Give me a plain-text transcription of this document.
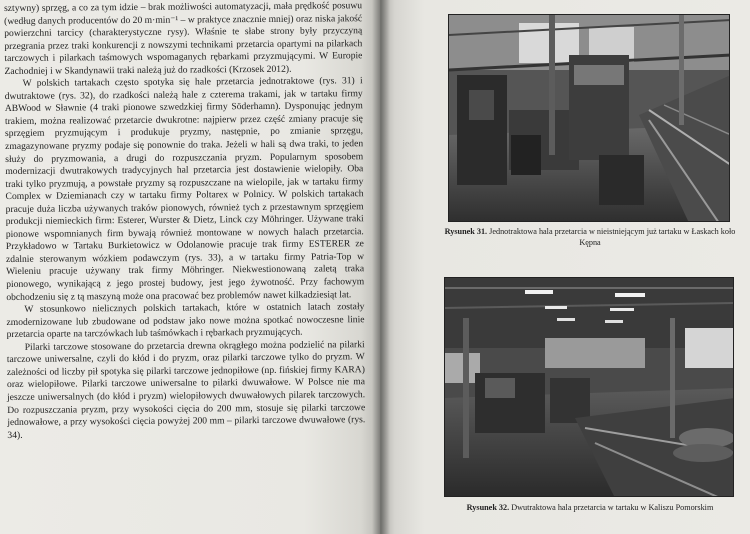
sztywny) sprzęg, a co za tym idzie – brak możliwości automatyzacji, mała prędkość posuwu (według danych producentów do 20 m·min⁻¹ – w praktyce znacznie mniej) oraz niska jakość powierzchni tarcicy (charakterystyczne rysy). Właśnie te słabe strony były przyczyną przegrania przez traki konkurencji z nowszymi technikami przetarcia opartymi na pilarkach tarczowych i pilarkach taśmowych wspomaganych rębarkami przyzmującymi. W Europie Zachodniej i w Skandynawii traki należą już do rzadkości (Krzosek 2012).

W polskich tartakach często spotyka się hale przetarcia jednotraktowe (rys. 31) i dwutraktowe (rys. 32), do rzadkości należą hale z czterema trakami, jak w tartaku firmy ABWood w Sławnie (4 traki pionowe szwedzkiej firmy Söderhamn). Dysponując jednym trakiem, można realizować przetarcie dwukrotne: najpierw przez część zmiany pracuje się sprzęgiem pryzmującym i produkuje pryzmy, następnie, po zmianie sprzęgu, zmagazynowane pryzmy podaje się ponownie do traka. Jeżeli w hali są dwa traki, to jeden służy do pryzmowania, a drugi do rozpuszczania pryzm. Popularnym sposobem modernizacji dwutrakowych tradycyjnych hal przetarcia jest dostawienie wielopiły. Oba traki tylko pryzmują, a powstałe pryzmy są rozpuszczane na wielopile, jak w tartaku firmy Complex w Dziemianach czy w tartaku firmy Poltarex w Polnicy. W polskich tartakach pracuje duża liczba używanych traków pionowych, również tych z przestawnym sprzęgiem produkcji niemieckich firm: Esterer, Wurster & Dietz, Linck czy Möhringer. Używane traki pionowe wspomnianych firm bywają również montowane w nowych halach przetarcia. Przykładowo w Tartaku Burkietowicz w Odolanowie pracuje trak firmy ESTERER ze zdalnie sterowanym wózkiem podawczym (rys. 33), a w tartaku firmy Patria-Top w Wieleniu pracuje używany trak firmy Möhringer. Niekwestionowaną zaletą traka pionowego, wynikającą z jego prostej budowy, jest jego żywotność. Przy fachowym obchodzeniu się z tą maszyną może ona pracować bez problemów nawet kilkadziesiąt lat.

W stosunkowo nielicznych polskich tartakach, które w ostatnich latach zostały zmodernizowane lub zbudowane od podstaw jako nowe można spotkać nowoczesne linie przetarcia oparte na tarczówkach lub taśmówkach i rębarkach pryzmujących.

Pilarki tarczowe stosowane do przetarcia drewna okrągłego można podzielić na pilarki tarczowe uniwersalne, czyli do kłód i do pryzm, oraz pilarki tarczowe tylko do pryzm. W zależności od liczby pił spotyka się pilarki tarczowe jednopiłowe (np. fińskiej firmy KARA) oraz wielopiłowe. Pilarki tarczowe uniwersalne to pilarki dwuwałowe. W Polsce nie ma jeszcze uniwersalnych (do kłód i pryzm) wielopiłowych dwuwałowych pilarek tarczowych. Do rozpuszczania pryzm, przy wysokości cięcia do 200 mm, stosuje się pilarki tarczowe jednowałowe, a przy wysokości cięcia powyżej 200 mm – pilarki tarczowe dwuwałowe (rys. 34).

Rysunek 31. Jednotraktowa hala przetarcia w nieistniejącym już tartaku w Łaskach koło Kępna
Rysunek 32. Dwutraktowa hala przetarcia w tartaku w Kaliszu Pomorskim
